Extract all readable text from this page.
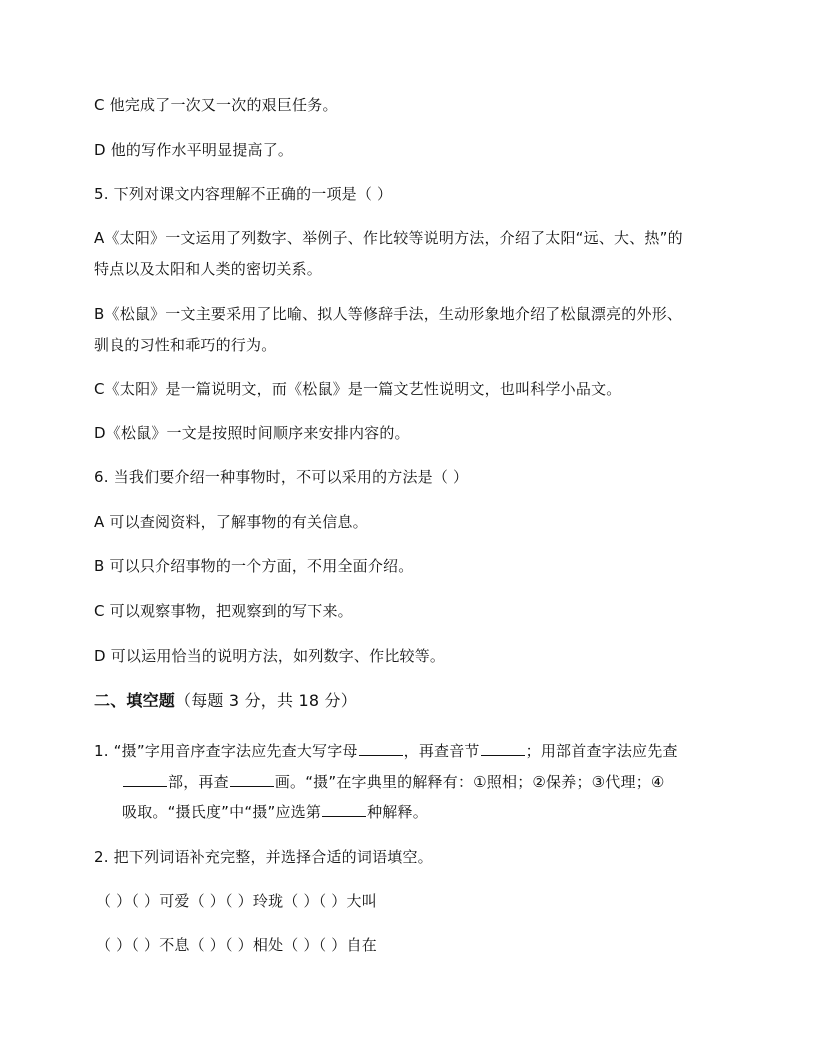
C 他完成了一次又一次的艰巨任务。
D 他的写作水平明显提高了。
5. 下列对课文内容理解不正确的一项是（ ）
A《太阳》一文运用了列数字、举例子、作比较等说明方法，介绍了太阳“远、大、热”的
特点以及太阳和人类的密切关系。
B《松鼠》一文主要采用了比喻、拟人等修辞手法，生动形象地介绍了松鼠漂亮的外形、
驯良的习性和乖巧的行为。
C《太阳》是一篇说明文，而《松鼠》是一篇文艺性说明文，也叫科学小品文。
D《松鼠》一文是按照时间顺序来安排内容的。
6. 当我们要介绍一种事物时，不可以采用的方法是（ ）
A 可以查阅资料，了解事物的有关信息。
B 可以只介绍事物的一个方面，不用全面介绍。
C 可以观察事物，把观察到的写下来。
D 可以运用恰当的说明方法，如列数字、作比较等。
二、填空题（每题 3 分，共 18 分）
1. “摄”字用音序查字法应先查大写字母	，再查音节	；用部首查字法应先查
部，再查	画。“摄”在字典里的解释有：①照相；②保养；③代理；④
吸取。“摄氏度”中“摄”应选第	种解释。
2. 把下列词语补充完整，并选择合适的词语填空。
（ ）（ ）可爱（ ）（ ）玲珑（ ）（ ）大叫
（ ）（ ）不息（ ）（ ）相处（ ）（ ）自在
